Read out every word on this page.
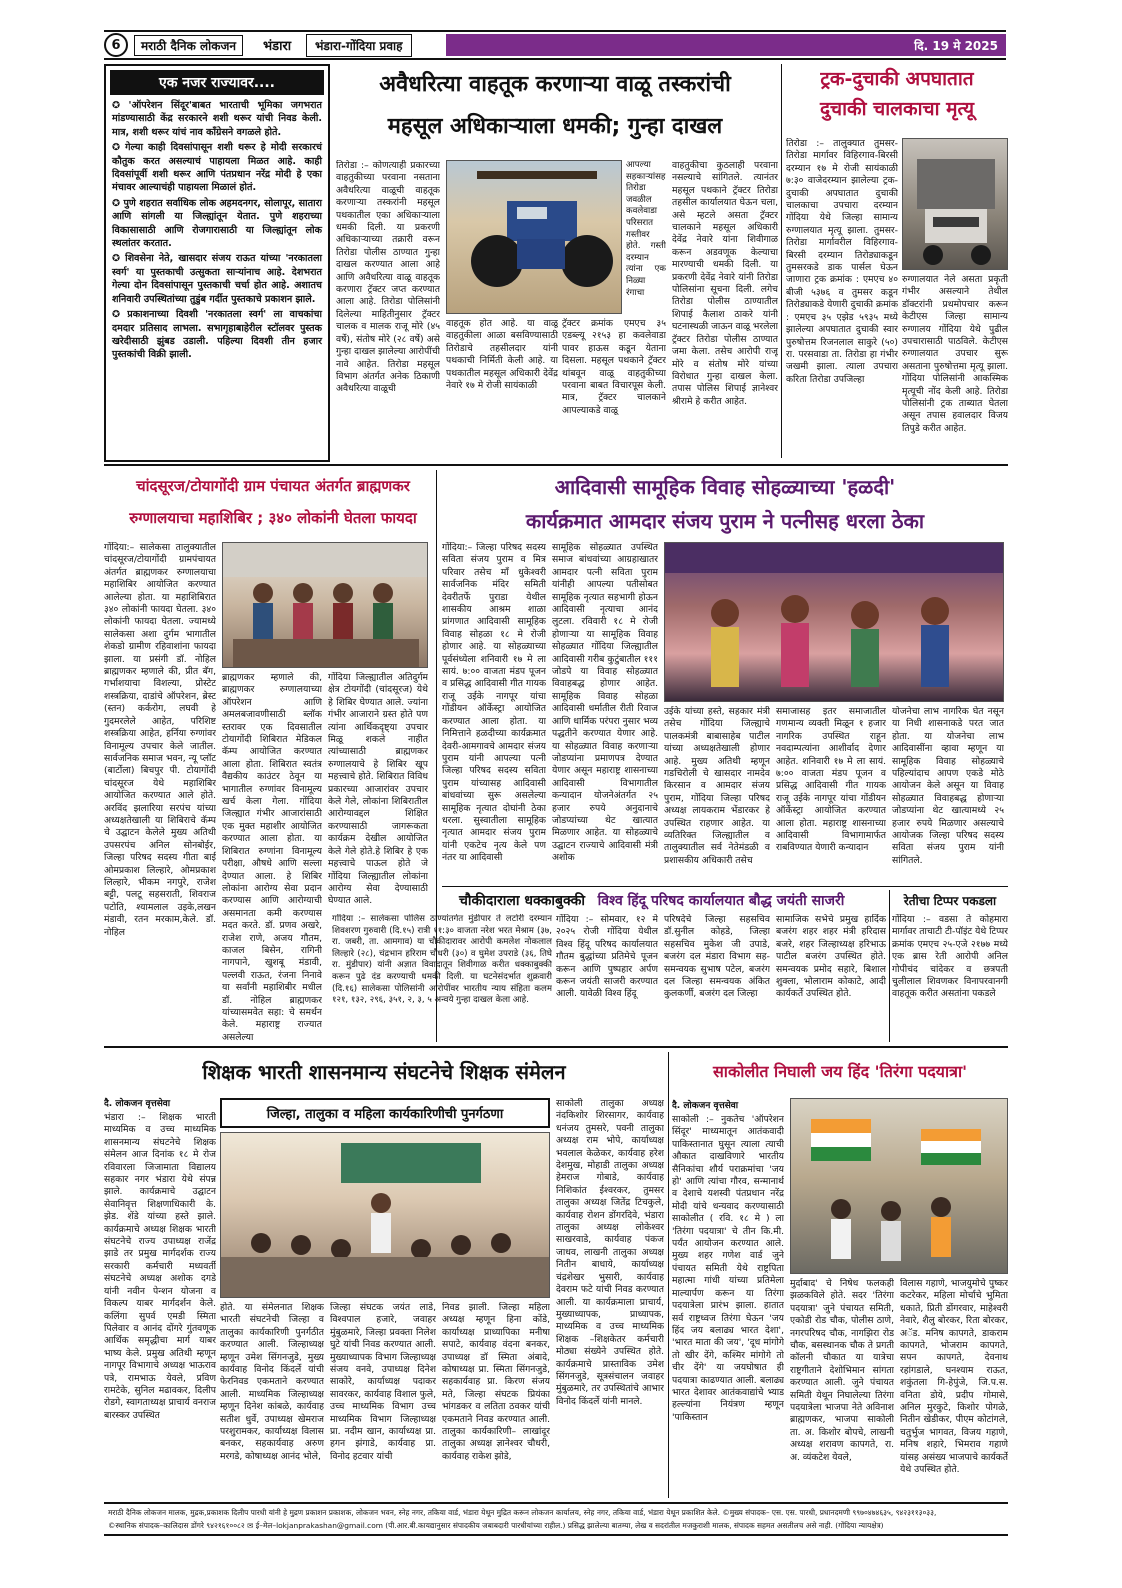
6	मराठी दैनिक लोकजन	भंडारा	भंडारा-गोंदिया प्रवाह	दि. 19 मे 2025
एक नजर राज्यावर....
✪ 'ऑपरेशन सिंदूर'बाबत भारताची भूमिका जगभरात मांडण्यासाठी केंद्र सरकारने शशी थरूर यांची निवड केली. मात्र, शशी थरूर यांचं नाव काँग्रेसने वगळले होते.
✪ गेल्या काही दिवसांपासून शशी थरूर हे मोदी सरकारचं कौतुक करत असल्याचं पाहायला मिळत आहे. काही दिवसांपूर्वी शशी थरूर आणि पंतप्रधान नरेंद्र मोदी हे एका मंचावर आल्याचंही पाहायला मिळालं होतं.
✪ पुणे शहरात सर्वाधिक लोक अहमदनगर, सोलापूर, सातारा आणि सांगली या जिल्ह्यांतून येतात. पुणे शहराच्या विकासासाठी आणि रोजगारासाठी या जिल्ह्यांतून लोक स्थलांतर करतात.
✪ शिवसेना नेते, खासदार संजय राऊत यांच्या 'नरकातला स्वर्ग' या पुस्तकाची उत्सुकता साऱ्यांनाच आहे. देशभरात गेल्या दोन दिवसांपासून पुस्तकाची चर्चा होत आहे. अशातच शनिवारी उपस्थितांच्या तुडुंब गर्दीत पुस्तकाचे प्रकाशन झाले.
✪ प्रकाशनाच्या दिवशी 'नरकातला स्वर्ग' ला वाचकांचा दमदार प्रतिसाद लाभला. सभागृहाबाहेरील स्टॉलवर पुस्तक खरेदीसाठी झुंबड उडाली. पहिल्या दिवशी तीन हजार पुस्तकांची विक्री झाली.
अवैधरित्या वाहतूक करणाऱ्या वाळू तस्करांची
महसूल अधिकाऱ्याला धमकी; गुन्हा दाखल
तिरोडा :– कोणत्याही प्रकारच्या वाहतुकीच्या परवाना नसताना अवैधरित्या वाळूची वाहतूक करणाऱ्या तस्करांनी महसूल पथकातील एका अधिकाऱ्याला धमकी दिली. या प्रकरणी अधिकाऱ्याच्या तक्रारी वरून तिरोडा पोलीस ठाण्यात गुन्हा दाखल करण्यात आला आहे आणि अवैधरित्या वाळू वाहतूक करणारा ट्रॅक्टर जप्त करण्यात आला आहे. तिरोडा पोलिसांनी दिलेल्या माहितीनुसार ट्रॅक्टर चालक व मालक राजू मोरे (४५ वर्षे), संतोष मोरे (२८ वर्षे) असे गुन्हा दाखल झालेल्या आरोपींची नावे आहेत. तिरोडा महसूल विभाग अंतर्गत अनेक ठिकाणी अवैधरित्या वाळूची
आपल्या सहकाऱ्यांसह तिरोडा जवळील कवलेवाडा परिसरात गस्तीवर होते. गस्ती दरम्यान त्यांना एक निळ्या रंगाचा
वाहतूक होत आहे. या वाळू वाहतुकीला आळा बसविण्यासाठी तिरोडाचे तहसीलदार यांनी पथकाची निर्मिती केली आहे. या पथकातील महसूल अधिकारी देवेंद्र नेवारे १७ मे रोजी सायंकाळी
ट्रॅक्टर क्रमांक एमएच ३५ एडब्ल्यू २१५३ हा कवलेवाडा पावर हाऊस कडून येताना दिसला. महसूल पथकाने ट्रॅक्टर थांबवून वाळू वाहतुकीच्या परवाना बाबत विचारपूस केली. मात्र, ट्रॅक्टर चालकाने आपल्याकडे वाळू
वाहतुकीचा कुठलाही परवाना नसल्याचे सांगितले. त्यानंतर महसूल पथकाने ट्रॅक्टर तिरोडा तहसील कार्यालयात घेऊन चला, असे म्हटले असता ट्रॅक्टर चालकाने महसूल अधिकारी देवेंद्र नेवारे यांना शिवीगाळ करून अडवणूक केल्याचा मारण्याची धमकी दिली. या प्रकरणी देवेंद्र नेवारे यांनी तिरोडा पोलिसांना सूचना दिली. लगेच तिरोडा पोलीस ठाण्यातील शिपाई कैलाश ठाकरे यांनी घटनास्थळी जाऊन वाळू भरलेला ट्रॅक्टर तिरोडा पोलीस ठाण्यात जमा केला. तसेच आरोपी राजू मोरे व संतोष मोरे यांच्या विरोधात गुन्हा दाखल केला. तपास पोलिस शिपाई ज्ञानेश्वर श्रीरामे हे करीत आहेत.
ट्रक-दुचाकी अपघातात
दुचाकी चालकाचा मृत्यू
तिरोडा :– तालुक्यात तुमसर-तिरोडा मार्गावर विहिरगाव-बिरसी दरम्यान १७ मे रोजी सायंकाळी ७:३० वाजेदरम्यान झालेल्या ट्रक-दुचाकी अपघातात दुचाकी चालकाचा उपचारा दरम्यान गोंदिया येथे जिल्हा सामान्य रुग्णालयात मृत्यू झाला. तुमसर-तिरोडा मार्गावरील विहिरगाव-बिरसी दरम्यान तिरोड्याकडून तुमसरकडे डाक पार्सल घेऊन जाणारा ट्रक क्रमांक : एमएच ४० बीजी ५३७६ व तुमसर कडून तिरोड्याकडे येणारी दुचाकी क्रमांक : एमएच ३५ एझेड ५९३५ मध्ये झालेल्या अपघातात दुचाकी स्वार पुरुषोत्तम रिजनलाल साकुरे (५०) रा. परसवाडा ता. तिरोडा हा गंभीर जखमी झाला. त्याला उपचारा करिता तिरोडा उपजिल्हा
रुग्णालयात नेले असता प्रकृती गंभीर असल्याने तेथील डॉक्टरांनी प्रथमोपचार करून केटीएस जिल्हा सामान्य रुग्णालय गोंदिया येथे पुढील उपचारासाठी पाठविले. केटीएस रुग्णालयात उपचार सुरू असताना पुरुषोत्तमा मृत्यू झाला. गोंदिया पोलिसांनी आकस्मिक मृत्यूची नोंद केली आहे. तिरोडा पोलिसांनी ट्रक ताब्यात घेतला असून तपास हवालदार विजय तिपुडे करीत आहेत.
चांदसूरज/टोयागोंदी ग्राम पंचायत अंतर्गत ब्राह्मणकर
रुग्णालयाचा महाशिबिर ; ३४० लोकांनी घेतला फायदा
गोंदिया:– सालेकसा तालुक्यातील चांदसूरज/टोयागोंदी ग्रामपंचायत अंतर्गत ब्राह्मणकर रुग्णालयाचा महाशिबिर आयोजित करण्यात आलेल्या होता. या महाशिबिरात ३४० लोकांनी फायदा घेतला. ३४० लोकांनी फायदा घेतला. ज्यामध्ये सालेकसा अशा दुर्गम भागातील शेकडो ग्रामीण रहिवाशांना फायदा झाला. या प्रसंगी डॉ. नोहिल ब्राह्मणकर म्हणाले की, प्रीत बॅग, गर्भाशयाचा विशल्या, प्रोस्टेट शस्त्रक्रिया, दाडांचे ऑपरेशन, ब्रेस्ट (स्तन) कर्करोग, लघवी हे गुदमरलेले आहेत, परिशिष्ट शस्त्रक्रिया आहेत, हर्निया रुग्णांवर विनामूल्य उपचार केले जातील. सार्वजनिक समाज भवन, न्यू प्लॉट (बार्टोला) बिचपुर पी. टोयागोंदी चांदसूरज येथे महाशिबिर आयोजित करण्यात आले होते. अरविंद झलारिया सरपंच यांच्या अध्यक्षतेखाली या शिबिराचे कॅम्प चे उद्घाटन केलेले मुख्य अतिथी उपसरपंच अनिल सोनबोईर, जिल्हा परिषद सदस्य गीता बाई ओमप्रकाश लिल्हारे, ओमप्रकाश लिल्हारे, भीकम नगपुरे, राजेश बट्टी, पलटू सहसराती, शिवराज पटोति, श्यामलाल उइके,लखन मंडावी, रतन मरकाम,केले. डॉ. नोहिल
ब्राह्मणकर म्हणाले की, ब्राह्मणकर रुग्णालयाच्या ऑपरेशन आणि अमलबजावणीसाठी ब्लॉक स्तरावर एक दिवसातील टोयागोंदी शिबिरात मेडिकल कॅम्प आयोजित करण्यात आला होता. शिबिरात स्वतंत्र वैद्यकीय काउंटर ठेवून या भागातील रुग्णांवर विनामूल्य खर्च केला गेला. गोंदिया जिल्ह्यात गंभीर आजारांसाठी एक मुक्त महाशीर आयोजित करण्यात आला होता. या शिबिरात रुग्णांना विनामूल्य परीक्षा, औषधे आणि सल्ला देण्यात आला. हे शिबिर लोकांना आरोग्य सेवा प्रदान करण्यास आणि आरोग्याची असमानता कमी करण्यास मदत करते. डॉ. प्रणव अखरे, राजेश राणे, अजय गौतम, काजल बिसेन, रागिनी नागपाने, खुशबू मंडावी, पल्लवी राऊत, रंजना निनावे या सर्वांनी महाशिबीर मधील डॉ. नोहिल ब्राह्मणकर यांच्यासमवेत सहा: चे समर्थन केले. महाराष्ट्र राज्यात असलेल्या
गोंदिया जिल्ह्यातील अतिदुर्गम क्षेत्र टोयगोंदी (चांदसूरज) येथे हे शिबिर घेण्यात आले. ज्यांना गंभीर आजाराने ग्रस्त होते पण त्यांना आर्थिकदृष्ट्या उपचार मिळू शकले नाहीत त्यांच्यासाठी ब्राह्मणकर रुग्णालयाचे हे शिबिर खूप महत्त्वाचे होते. शिबिरात विविध प्रकारच्या आजारांवर उपचार केले गेले, लोकांना शिबिरातील आरोग्यावद्दल शिक्षित करण्यासाठी जागरूकता कार्यक्रम देखील आयोजित केले गेले होते.हे शिबिर हे एक महत्त्वाचे पाऊल होते जे गोंदिया जिल्ह्यातील लोकांना आरोग्य सेवा देण्यासाठी घेण्यात आले.
आदिवासी सामूहिक विवाह सोहळ्याच्या 'हळदी'
कार्यक्रमात आमदार संजय पुराम ने पत्नीसह धरला ठेका
गोंदिया:– जिल्हा परिषद सदस्य सविता संजय पुराम व मित्र परिवार तसेच माँ धुकेश्वरी सार्वजनिक मंदिर समिती देवरीतर्फे पुराडा येथील शासकीय आश्रम शाळा प्रांगणात आदिवासी सामूहिक विवाह सोहळा १८ मे रोजी होणार आहे. या सोहळ्याच्या पूर्वसंध्येला शनिवारी १७ मे ला सायं. ७:०० वाजता मंडप पूजन व प्रसिद्ध आदिवासी गीत गायक राजू उईके नागपूर यांचा गोंडीयन ऑर्केस्ट्रा आयोजित करण्यात आला होता. या निमित्ताने हळदीच्या कार्यक्रमात देवरी-आमगावचे आमदार संजय पुराम यांनी आपल्या पत्नी जिल्हा परिषद सदस्य सविता पुराम यांच्यासह आदिवासी बांधवांच्या सुरू असलेल्या सामूहिक नृत्यात दोघांनी ठेका धरला. सुस्वातीला सामूहिक नृत्यात आमदार संजय पुराम यांनी एकटेच नृत्य केले पण नंतर या आदिवासी
सामूहिक सोहळ्यात उपस्थित समाज बांधवांच्या आग्रहाखातर आमदार पत्नी सविता पुराम यांनीही आपल्या पतीसोबत सामूहिक नृत्यात सहभागी होऊन आदिवासी नृत्याचा आनंद लुटला. रविवारी १८ मे रोजी होणाऱ्या या सामूहिक विवाह सोहळ्यात गोंदिया जिल्ह्यातील आदिवासी गरीब कुटुंबातील १११ जोडपे या विवाह सोहळ्यात विवाहबद्ध होणार आहेत. सामूहिक विवाह सोहळा आदिवासी धर्मातील रीती रिवाज आणि धार्मिक परंपरा नुसार भव्य पद्धतीने करण्यात येणार आहे. या सोहळ्यात विवाह करणाऱ्या जोडप्यांना प्रमाणपत्र देण्यात येणार असून महाराष्ट्र शासनाच्या आदिवासी विभागातील कन्यादान योजनेअंतर्गत २५ हजार रुपये अनुदानाचे जोडप्यांच्या थेट खात्यात मिळणार आहेत. या सोहळ्याचे उद्घाटन राज्याचे आदिवासी मंत्री अशोक
उईके यांच्या हस्ते, सहकार मंत्री तसेच गोंदिया जिल्ह्याचे पालकमंत्री बाबासाहेब पाटील यांच्या अध्यक्षतेखाली होणार आहे. मुख्य अतिथी म्हणून गडचिरोली चे खासदार नामदेव किरसान व आमदार संजय पुराम, गोंदिया जिल्हा परिषद अध्यक्ष लायकराम भेंडारकर हे उपस्थित राहणार आहेत. या व्यतिरिक्त जिल्ह्यातील व तालुक्यातील सर्व नेतेमंडळी व प्रशासकीय अधिकारी तसेच
समाजासह इतर समाजातील गणमान्य व्यक्ती मिळून १ हजार नागरिक उपस्थित राहून नवदाम्पत्यांना आशीर्वाद देणार आहेत. शनिवारी १७ मे ला सायं. ७:०० वाजता मंडप पूजन व प्रसिद्ध आदिवासी गीत गायक राजू उईके नागपूर यांचा गोंडीयन ऑर्केस्ट्रा आयोजित करण्यात आला होता. महाराष्ट्र शासनाच्या आदिवासी विभागामार्फत राबविण्यात येणारी कन्यादान
योजनेचा लाभ नागरिक घेत नसून या निधी शासनाकडे परत जात होता. या योजनेचा लाभ आदिवासींना व्हावा म्हणून या सामूहिक विवाह सोहळ्याचे पहिल्यांदाच आपण एकडे मोठे आयोजन केले असून या विवाह सोहळ्यात विवाहबद्ध होणाऱ्या जोडप्यांना थेट खात्यामध्ये २५ हजार रुपये मिळणार असल्याचे आयोजक जिल्हा परिषद सदस्य सविता संजय पुराम यांनी सांगितले.
चौकीदाराला धक्काबुक्की
गोंदिया :– सालेकसा पोलिस ठाण्यांतर्गत मुंडीपार ते लटोरी दरम्यान शिवशरण गुरुवारी (दि.१५) रात्री ११:३० वाजता नरेश भरत मेश्राम (३७, रा. जबरी, ता. आमगाव) या चौकीदारावर आरोपी कमलेश नोकलाल लिल्हारे (२८), चंद्रभान हरिराम चौधरी (३०) व घुमेश उपराडे (३६, तिघे रा. मुंडीपार) यांनी अज्ञात विवादातून शिवीगाळ करीत धक्काबुक्की करून पुढे दंड करण्याची धमकी दिली. या घटनेसंदर्भात शुक्रवारी (दि.१६) सालेकसा पोलिसांनी आरोपींवर भारतीय न्याय संहिता कलम १२१, १३२, २९६, ३५१, २, ३, ५ अन्वये गुन्हा दाखल केला आहे.
विश्व हिंदू परिषद कार्यालयात बौद्ध जयंती साजरी
गोंदिया :– सोमवार, १२ मे २०२५ रोजी गोंदिया येथील विश्व हिंदू परिषद कार्यालयात गौतम बुद्धांच्या प्रतिमेचे पूजन करून आणि पुष्पहार अर्पण करून जयंती साजरी करण्यात आली. यावेळी विश्व हिंदू
परिषदेचे जिल्हा सहसचिव डॉ.सुनील कोहडे, जिल्हा सहसचिव मुकेश जी उपाडे, बजरंग दल मंडारा विभाग सह-समन्वयक सुभाष पटेल, बजरंग दल जिल्हा समन्वयक अंकित कुलकर्णी, बजरंग दल जिल्हा
सामाजिक सभेचे प्रमुख हार्दिक बजरंग शहर शहर मंत्री हरिदास बजरे, शहर जिल्हाध्यक्ष हरिभाऊ पाटील बजरंग उपस्थित होते. समन्वयक प्रमोद सहारे, बिशाल शुक्ला, भोलाराम कोकाटे, आदी कार्यकर्ते उपस्थित होते.
रेतीचा टिप्पर पकडला
गोंदिया :– वडसा ते कोहमारा मार्गावर ताचाटी टी-पॉइंट येथे टिप्पर क्रमांक एमएच २५-एजे २१७७ मध्ये एक ब्रास रेती आरोपी अनिल गोपीचंद चांदेकर व छत्रपती चुलीलाल शिवणकर विनापरवानगी वाहतूक करीत असतांना पकडले
शिक्षक भारती शासनमान्य संघटनेचे शिक्षक संमेलन
दै. लोकजन वृत्तसेवा
भंडारा :– शिक्षक भारती माध्यमिक व उच्च माध्यमिक शासनमान्य संघटनेचे शिक्षक संमेलन आज दिनांक १८ मे रोज रविवारला जिजामाता विद्यालय सहकार नगर भंडारा येथे संपन्न झाले. कार्यक्रमाचे उद्घाटन सेवानिवृत्त शिक्षणाधिकारी के. झेड. शेंडे यांच्या हस्ते झाले. कार्यक्रमाचे अध्यक्ष शिक्षक भारती संघटनेचे राज्य उपाध्यक्ष राजेंद्र झाडे तर प्रमुख मार्गदर्शक राज्य सरकारी कर्मचारी मध्यवर्ती संघटनेचे अध्यक्ष अशोक दगडे यांनी नवीन पेन्शन योजना व विकल्प याबर मार्गदर्शन केले. कलिंगा सुपर्व एमडी स्मिता पिलेवार व आनंद दोंगरे गुंतवणूक आर्थिक समृद्धीचा मार्ग याबर भाष्य केले. प्रमुख अतिथी म्हणून नागपूर विभागाचे अध्यक्ष भाऊराव पत्रे, रामभाऊ येवले, प्रविण रामटेके, सुनिल मढावकर, दिलीप रोडगे, स्वागताध्यक्ष प्राचार्य वनराज बारस्कर उपस्थित
जिल्हा, तालुका व महिला कार्यकारिणीची पुनर्गठणा
होते. या संमेलनात शिक्षक भारती संघटनेची जिल्हा व तालुका कार्यकारिणी पुनर्गठीत करण्यात आली. जिल्हाध्यक्ष म्हणून उमेश सिंगनजुडे, मुख्य कार्यवाह विनोद किंदर्ले यांची फेरनिवड एकमताने करण्यात आली. माध्यमिक जिल्हाध्यक्ष म्हणून दिनेश कांबळे, कार्यवाह सतीश धुर्वे, उपाध्यक्ष खेमराज परशुरामकर, कार्याध्यक्ष विलास बनकर, सहकार्यवाह अरुण मरगडे, कोषाध्यक्ष आनंद भोले,
जिल्हा संघटक जयंत लाडे, विश्वपाल हजारे, जवाहर मुंबुळमारे, जिल्हा प्रवक्ता निलेश घुटे यांची निवड करण्यात आली. मुख्याध्यापक विभाग जिल्हाध्यक्ष संजय वनवे, उपाध्यक्ष दिनेश साकोरे, कार्याध्यक्ष पदाकर सावरकर, कार्यवाह विशाल फुले, उच्च माध्यमिक विभाग उच्च माध्यमिक विभाग जिल्हाध्यक्ष प्रा. नदीम खान, कार्याध्यक्ष प्रा. हगन झंगाडे, कार्यवाह प्रा. विनोद हटवार यांची
निवड झाली. जिल्हा महिला अध्यक्ष म्हणून हिना कोंडे, कार्याध्यक्ष प्राध्यापिका मनीषा सपाटे, कार्यवाह वंदना बनकर, उपाध्यक्ष डॉ स्मिता अंबादे, कोषाध्यक्ष प्रा. स्मिता सिंगनजुडे, सहकार्यवाह प्रा. किरण संजय मते, जिल्हा संघटक प्रियंका भांगडकर व लतिता ठवकर यांची एकमताने निवड करण्यात आली. तालुका कार्यकारिणी– लाखांदूर तालुका अध्यक्ष ज्ञानेश्वर चौधरी, कार्यवाह राकेश झोडे,
साकोली तालुका अध्यक्ष नंदकिशोर शिरसागर, कार्यवाह धनंजय तुमसरे, पवनी तालुका अध्यक्ष राम भोपे, कार्याध्यक्ष भवलाल केळेकर, कार्यवाह हरेश देशमुख, मोहाडी तालुका अध्यक्ष हेमराज गोबाडे, कार्यवाह निशिकांत ईश्वरकर, तुमसर तालुका अध्यक्ष जितेंद्र टिचकुले, कार्यवाह रोशन डोंगरदिवे, भंडारा तालुका अध्यक्ष लोकेश्वर साखरवाडे, कार्यवाह पंकज जाधव, लाखनी तालुका अध्यक्ष नितीन बाधाये, कार्याध्यक्ष चंद्रशेखर भुसारी, कार्यवाह देवराम फटे यांची निवड करण्यात आली. या कार्यक्रमाला प्राचार्य, मुख्याध्यापक, प्राध्यापक, माध्यमिक व उच्च माध्यमिक शिक्षक –शिक्षकेतर कर्मचारी मोठ्या संख्येने उपस्थित होते. कार्यक्रमाचे प्रास्ताविक उमेश सिंगनजुडे, सूत्रसंचालन जवाहर मुंबुळमारे, तर उपस्थितांचे आभार विनोद किंदर्ले यांनी मानले.
साकोलीत निघाली जय हिंद 'तिरंगा पदयात्रा'
दै. लोकजन वृत्तसेवा
साकोली :– नुकतेच 'ऑपरेशन सिंदूर' माध्यमातून आतंकवादी पाकिस्तानात घुसून त्याला त्याची औकात दाखविणारे भारतीय सैनिकांचा शौर्य पराक्रमांचा 'जय हो' आणि त्यांचा गौरव, सन्मानार्थ व देशाचे यशस्वी पंतप्रधान नरेंद्र मोदी यांचे धन्यवाद करण्यासाठी साकोलीत ( रवि. १८ मे ) ला 'तिरंगा पदयात्रा' चे तीन कि.मी. पर्यंत आयोजन करण्यात आले. मुख्य शहर गणेश वार्ड जुने पंचायत समिती येथे राष्ट्रपिता महात्मा गांधी यांच्या प्रतिमेला माल्यार्पण करून या तिरंगा पदयात्रेला प्रारंभ झाला. हातात सर्व राष्ट्रध्वज तिरंगा घेऊन 'जय हिंद जय बलाढ्य भारत देशा', 'भारत माता की जय', 'दूध मांगोगे तो खीर देंगे, कश्मिर मांगोगे तो चीर देंगे' या जयघोषात ही पदयात्रा काढण्यात आली. बलाढ्य भारत देशावर आतंकवाद्यांचे भ्याड हल्ल्यांना नियंत्रण म्हणून 'पाकिस्तान
मुर्दाबाद' चे निषेध फलकही झळकविले होते. सदर 'तिरंगा पदयात्रा' जुने पंचायत समिती, एकोडी रोड चौक, पोलीस ठाणे, नगरपरिषद चौक, नागझिरा रोड चौक, बसस्थानक चौक ते प्रगती कॉलनी चौकात या यात्रेचा राष्ट्रगीताने देशोभिमान सांगता करण्यात आली. जुने पंचायत समिती येथून निघालेल्या तिरंगा पदयात्रेला भाजपा नेते अविनाश ब्राह्मणकर, भाजपा साकोली ता. अ. किशोर बोपचे, लाखनी अध्यक्ष शरावण कापगते, रा. अ. व्यंकटेश येवले,
विलास गहाणे, भाजयुमोचे पुष्कर कटरेकर, महिला मोर्चाचे भुमिता धकाते, प्रिती डोंगरवार, माहेश्वरी नेवारे, शैलु बोरकर, रिता बोरकर, अॅड. मनिष कापगते, डाकराम कापगते, भोजराम कापगते, सपन कापगते, देवनाथ रहांगडाले, घनश्याम राऊत, शकुंतला गि-हेपुंजे, जि.प.स. वनिता डोये, प्रदीप गोमासे, अनिल मुरकुटे, किशोर पोगळे, नितीन खेडीकर, पीएम कोटांगले, चतुर्भुज भागवत, विजय गहाणे, मनिष शहारे, भिमराव गहाणे यांसह असंख्य भाजपाचे कार्यकर्ते येथे उपस्थित होते.
मराठी दैनिक लोकजन मालक, मुद्रक,प्रकाशक दिलीप पारधी यांनी हे मुद्रण प्रकाशन प्रकाशक, लोकजन भवन, स्नेह नगर, तकिया वार्ड, भंडारा येथून मुद्रित करून लोकजन कार्यालय, स्नेह नगर, तकिया वार्ड, भंडारा येथून प्रकाशित केले. ©मुख्य संपादक– एस. एस. पारधी, प्रधानदमणी ९९७०४७४६३५, ९४२३११३०३३,
©स्थानिक संपादक–कालिदास डोंगरे ९४२१६१००८२ ✉ ई–मेल–lokjanprakashan@gmail.com (पी.आर.बी.कायद्यानुसार संपादकीय जबाबदारी पारधीयांच्या राहील.) प्रसिद्ध झालेल्या बातम्या, लेख व सदरांतील मजकुराशी मालक, संपादक सहमत असतीलच असे नाही. (गोंदिया न्यायक्षेत्र)
